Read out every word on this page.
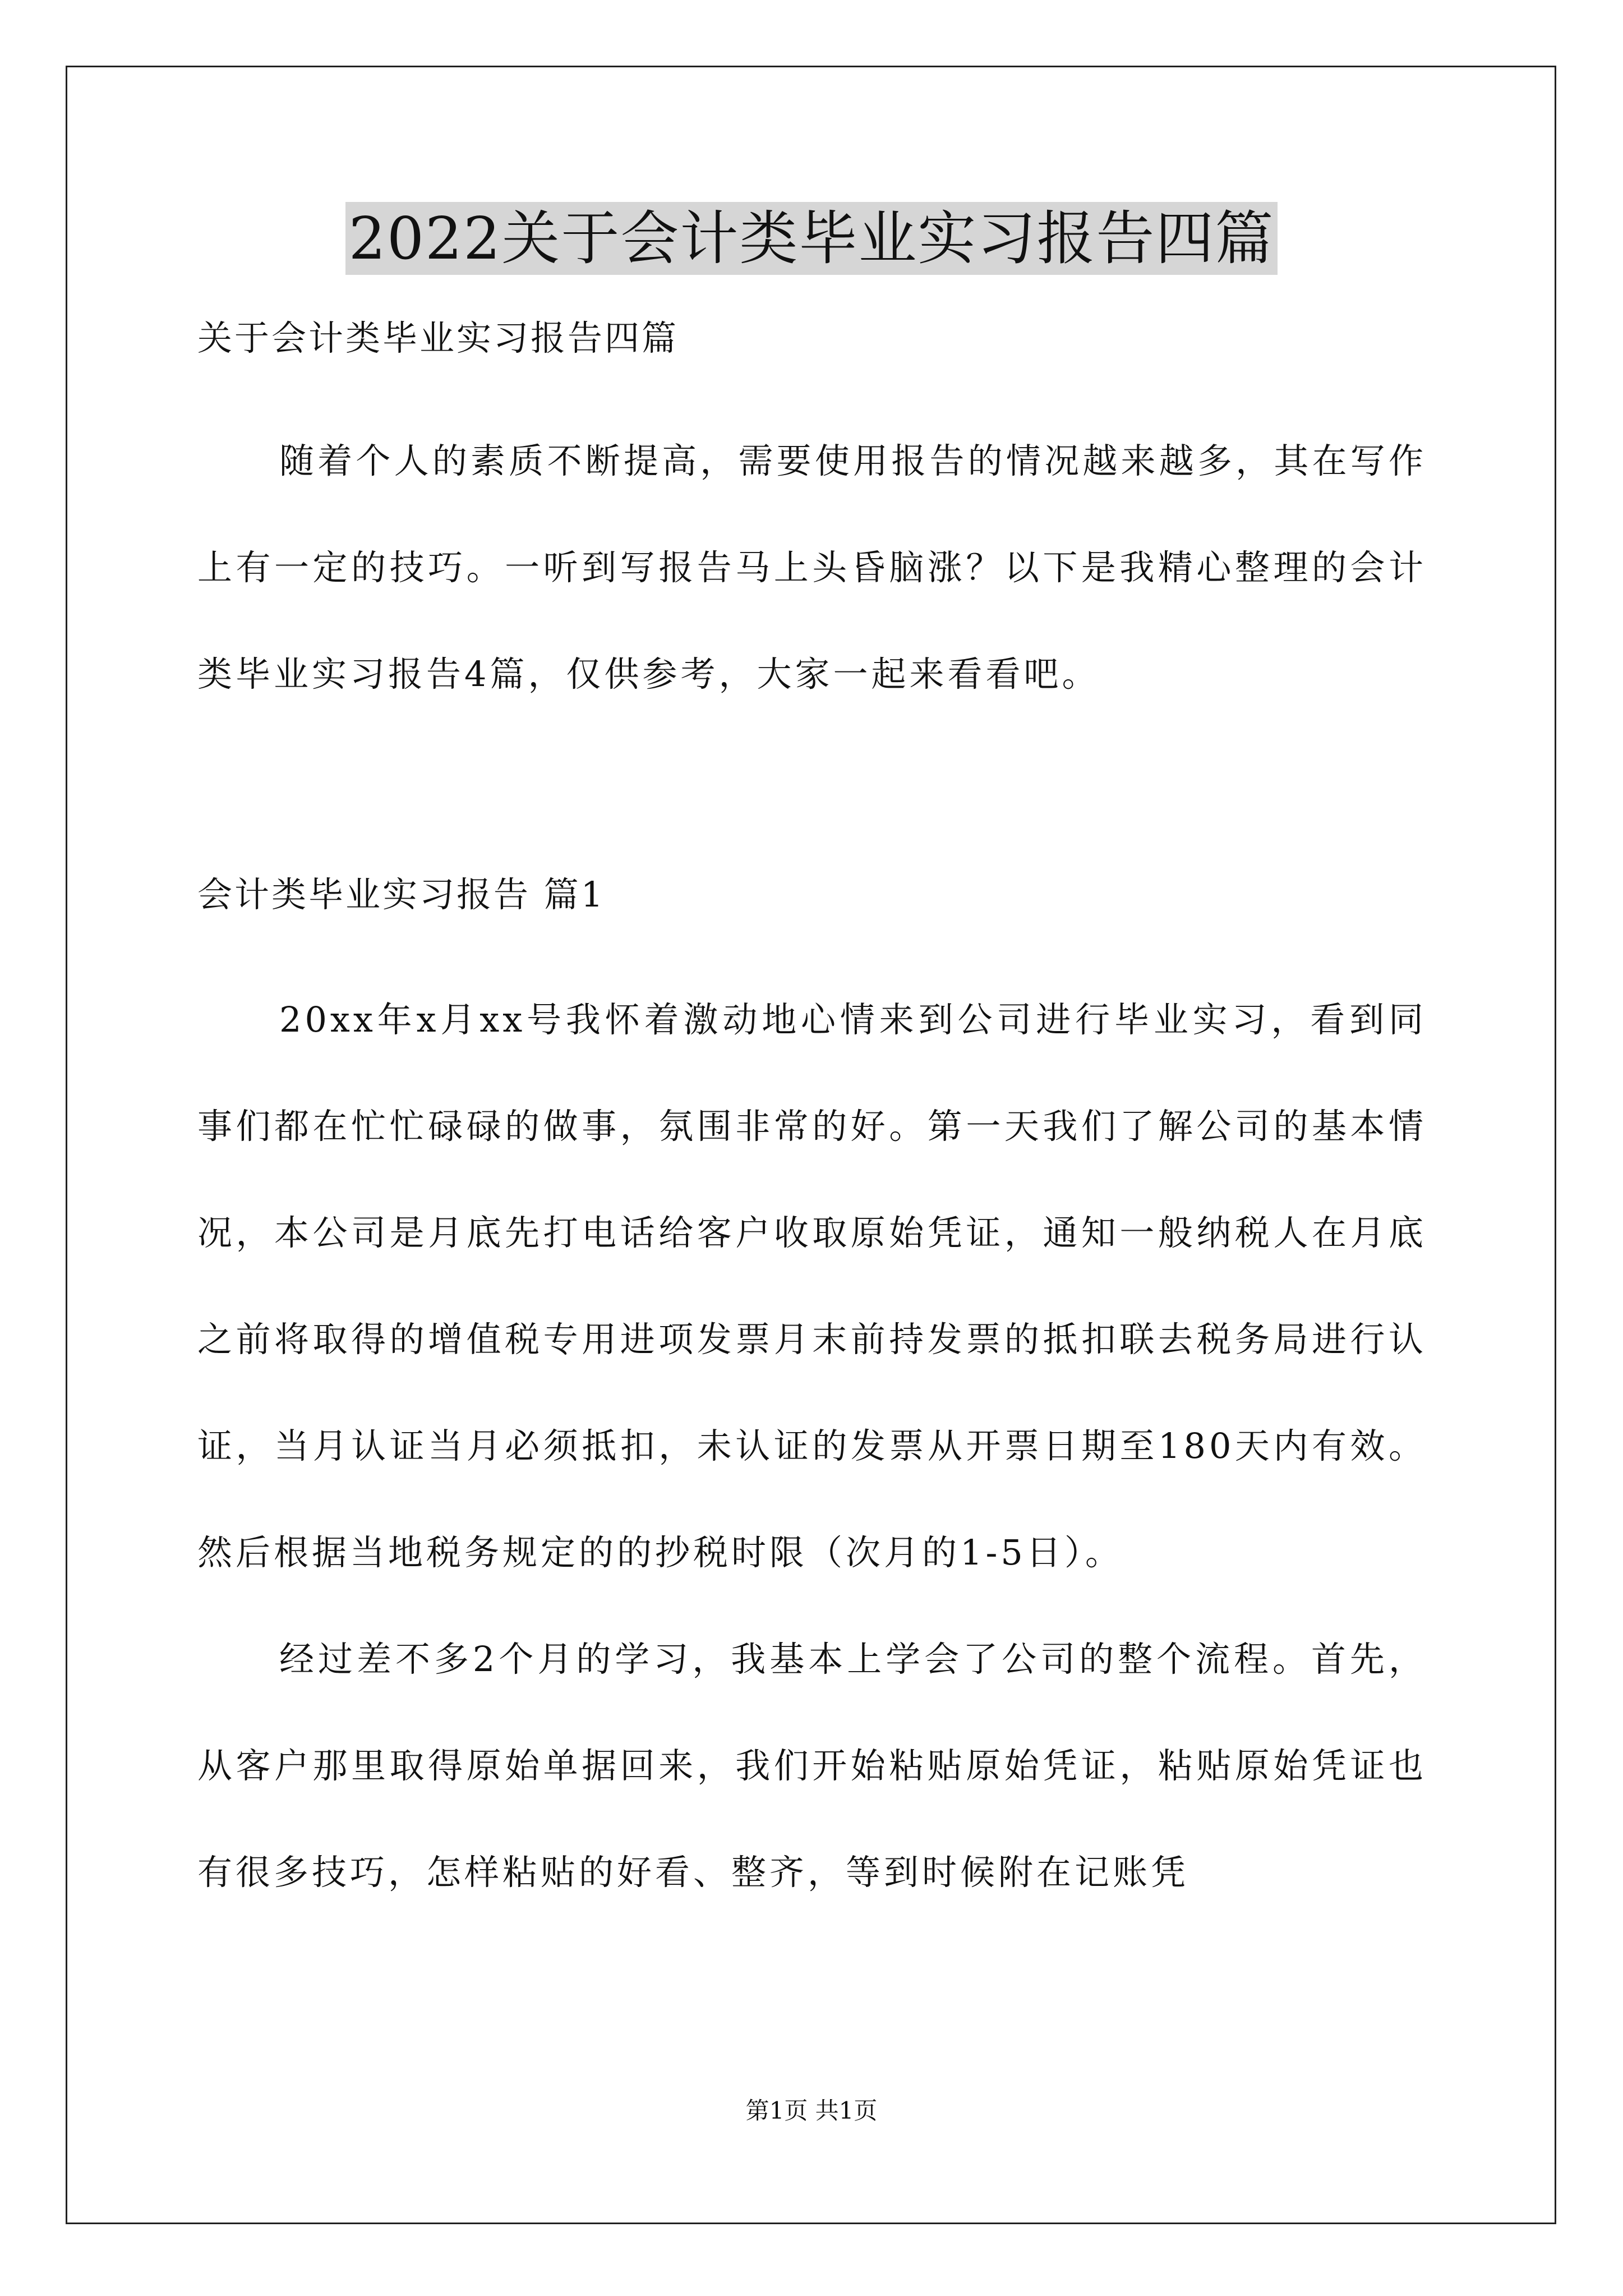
2022关于会计类毕业实习报告四篇
关于会计类毕业实习报告四篇

随着个人的素质不断提高，需要使用报告的情况越来越多，其在写作上有一定的技巧。一听到写报告马上头昏脑涨？以下是我精心整理的会计类毕业实习报告4篇，仅供参考，大家一起来看看吧。

会计类毕业实习报告 篇1

20xx年x月xx号我怀着激动地心情来到公司进行毕业实习，看到同事们都在忙忙碌碌的做事，氛围非常的好。第一天我们了解公司的基本情况，本公司是月底先打电话给客户收取原始凭证，通知一般纳税人在月底之前将取得的增值税专用进项发票月末前持发票的抵扣联去税务局进行认证，当月认证当月必须抵扣，未认证的发票从开票日期至180天内有效。然后根据当地税务规定的的抄税时限（次月的1-5日）。

经过差不多2个月的学习，我基本上学会了公司的整个流程。首先，从客户那里取得原始单据回来，我们开始粘贴原始凭证，粘贴原始凭证也有很多技巧，怎样粘贴的好看、整齐，等到时候附在记账凭

第1页 共1页
